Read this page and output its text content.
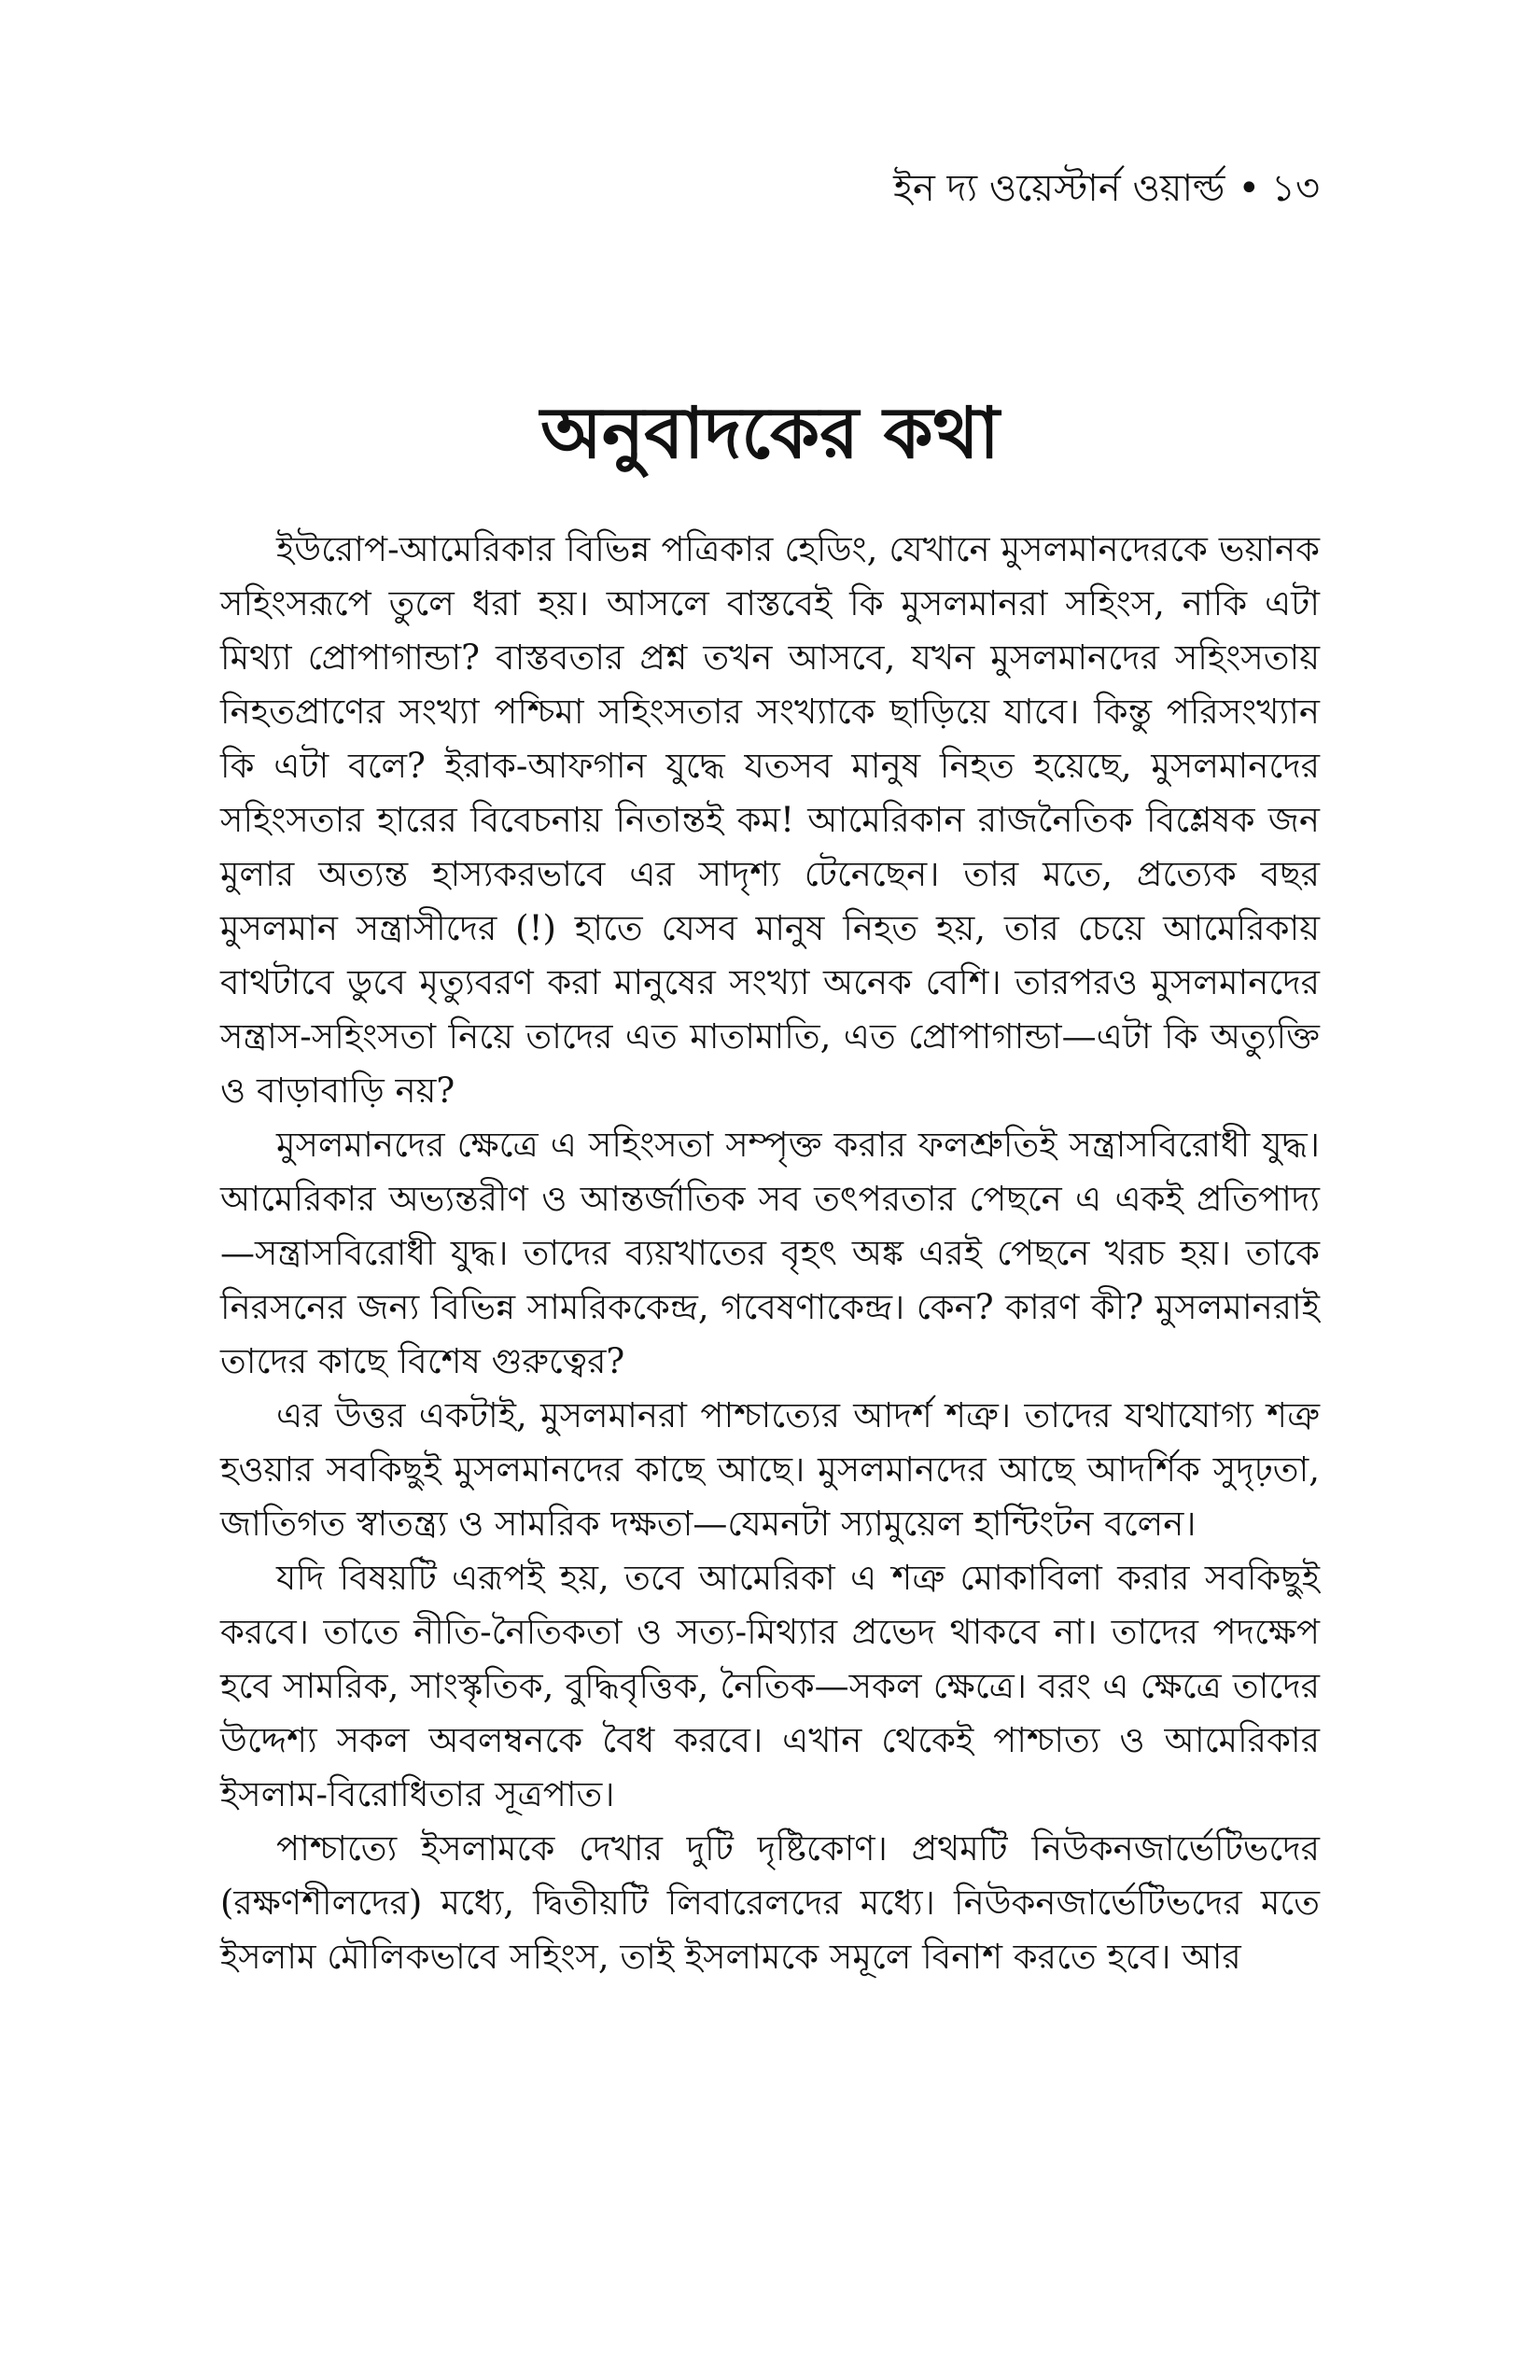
ইন দ্য ওয়েস্টার্ন ওয়ার্ল্ড • ১৩
অনুবাদকের কথা

ইউরোপ-আমেরিকার বিভিন্ন পত্রিকার হেডিং, যেখানে মুসলমানদেরকে ভয়ানক সহিংসরূপে তুলে ধরা হয়। আসলে বাস্তবেই কি মুসলমানরা সহিংস, নাকি এটা মিথ্যা প্রোপাগান্ডা? বাস্তবতার প্রশ্ন তখন আসবে, যখন মুসলমানদের সহিংসতায় নিহতপ্রাণের সংখ্যা পশ্চিমা সহিংসতার সংখ্যাকে ছাড়িয়ে যাবে। কিন্তু পরিসংখ্যান কি এটা বলে? ইরাক-আফগান যুদ্ধে যতসব মানুষ নিহত হয়েছে, মুসলমানদের সহিংসতার হারের বিবেচনায় নিতান্তই কম! আমেরিকান রাজনৈতিক বিশ্লেষক জন মুলার অত্যন্ত হাস্যকরভাবে এর সাদৃশ্য টেনেছেন। তার মতে, প্রত্যেক বছর মুসলমান সন্ত্রাসীদের (!) হাতে যেসব মানুষ নিহত হয়, তার চেয়ে আমেরিকায় বাথটাবে ডুবে মৃত্যুবরণ করা মানুষের সংখ্যা অনেক বেশি। তারপরও মুসলমানদের সন্ত্রাস-সহিংসতা নিয়ে তাদের এত মাতামাতি, এত প্রোপাগান্ডা—এটা কি অত্যুক্তি ও বাড়াবাড়ি নয়?

মুসলমানদের ক্ষেত্রে এ সহিংসতা সম্পৃক্ত করার ফলশ্রুতিই সন্ত্রাসবিরোধী যুদ্ধ। আমেরিকার অভ্যন্তরীণ ও আন্তর্জাতিক সব তৎপরতার পেছনে এ একই প্রতিপাদ্য—সন্ত্রাসবিরোধী যুদ্ধ। তাদের ব্যয়খাতের বৃহৎ অঙ্ক এরই পেছনে খরচ হয়। তাকে নিরসনের জন্য বিভিন্ন সামরিককেন্দ্র, গবেষণাকেন্দ্র। কেন? কারণ কী? মুসলমানরাই তাদের কাছে বিশেষ গুরুত্বের?

এর উত্তর একটাই, মুসলমানরা পাশ্চাত্যের আদর্শ শত্রু। তাদের যথাযোগ্য শত্রু হওয়ার সবকিছুই মুসলমানদের কাছে আছে। মুসলমানদের আছে আদর্শিক সুদৃঢ়তা, জাতিগত স্বাতন্ত্র্য ও সামরিক দক্ষতা—যেমনটা স্যামুয়েল হান্টিংটন বলেন।

যদি বিষয়টি এরূপই হয়, তবে আমেরিকা এ শত্রু মোকাবিলা করার সবকিছুই করবে। তাতে নীতি-নৈতিকতা ও সত্য-মিথ্যার প্রভেদ থাকবে না। তাদের পদক্ষেপ হবে সামরিক, সাংস্কৃতিক, বুদ্ধিবৃত্তিক, নৈতিক—সকল ক্ষেত্রে। বরং এ ক্ষেত্রে তাদের উদ্দেশ্য সকল অবলম্বনকে বৈধ করবে। এখান থেকেই পাশ্চাত্য ও আমেরিকার ইসলাম-বিরোধিতার সূত্রপাত।

পাশ্চাত্যে ইসলামকে দেখার দুটি দৃষ্টিকোণ। প্রথমটি নিউকনজার্ভেটিভদের (রক্ষণশীলদের) মধ্যে, দ্বিতীয়টি লিবারেলদের মধ্যে। নিউকনজার্ভেটিভদের মতে ইসলাম মৌলিকভাবে সহিংস, তাই ইসলামকে সমূলে বিনাশ করতে হবে। আর
